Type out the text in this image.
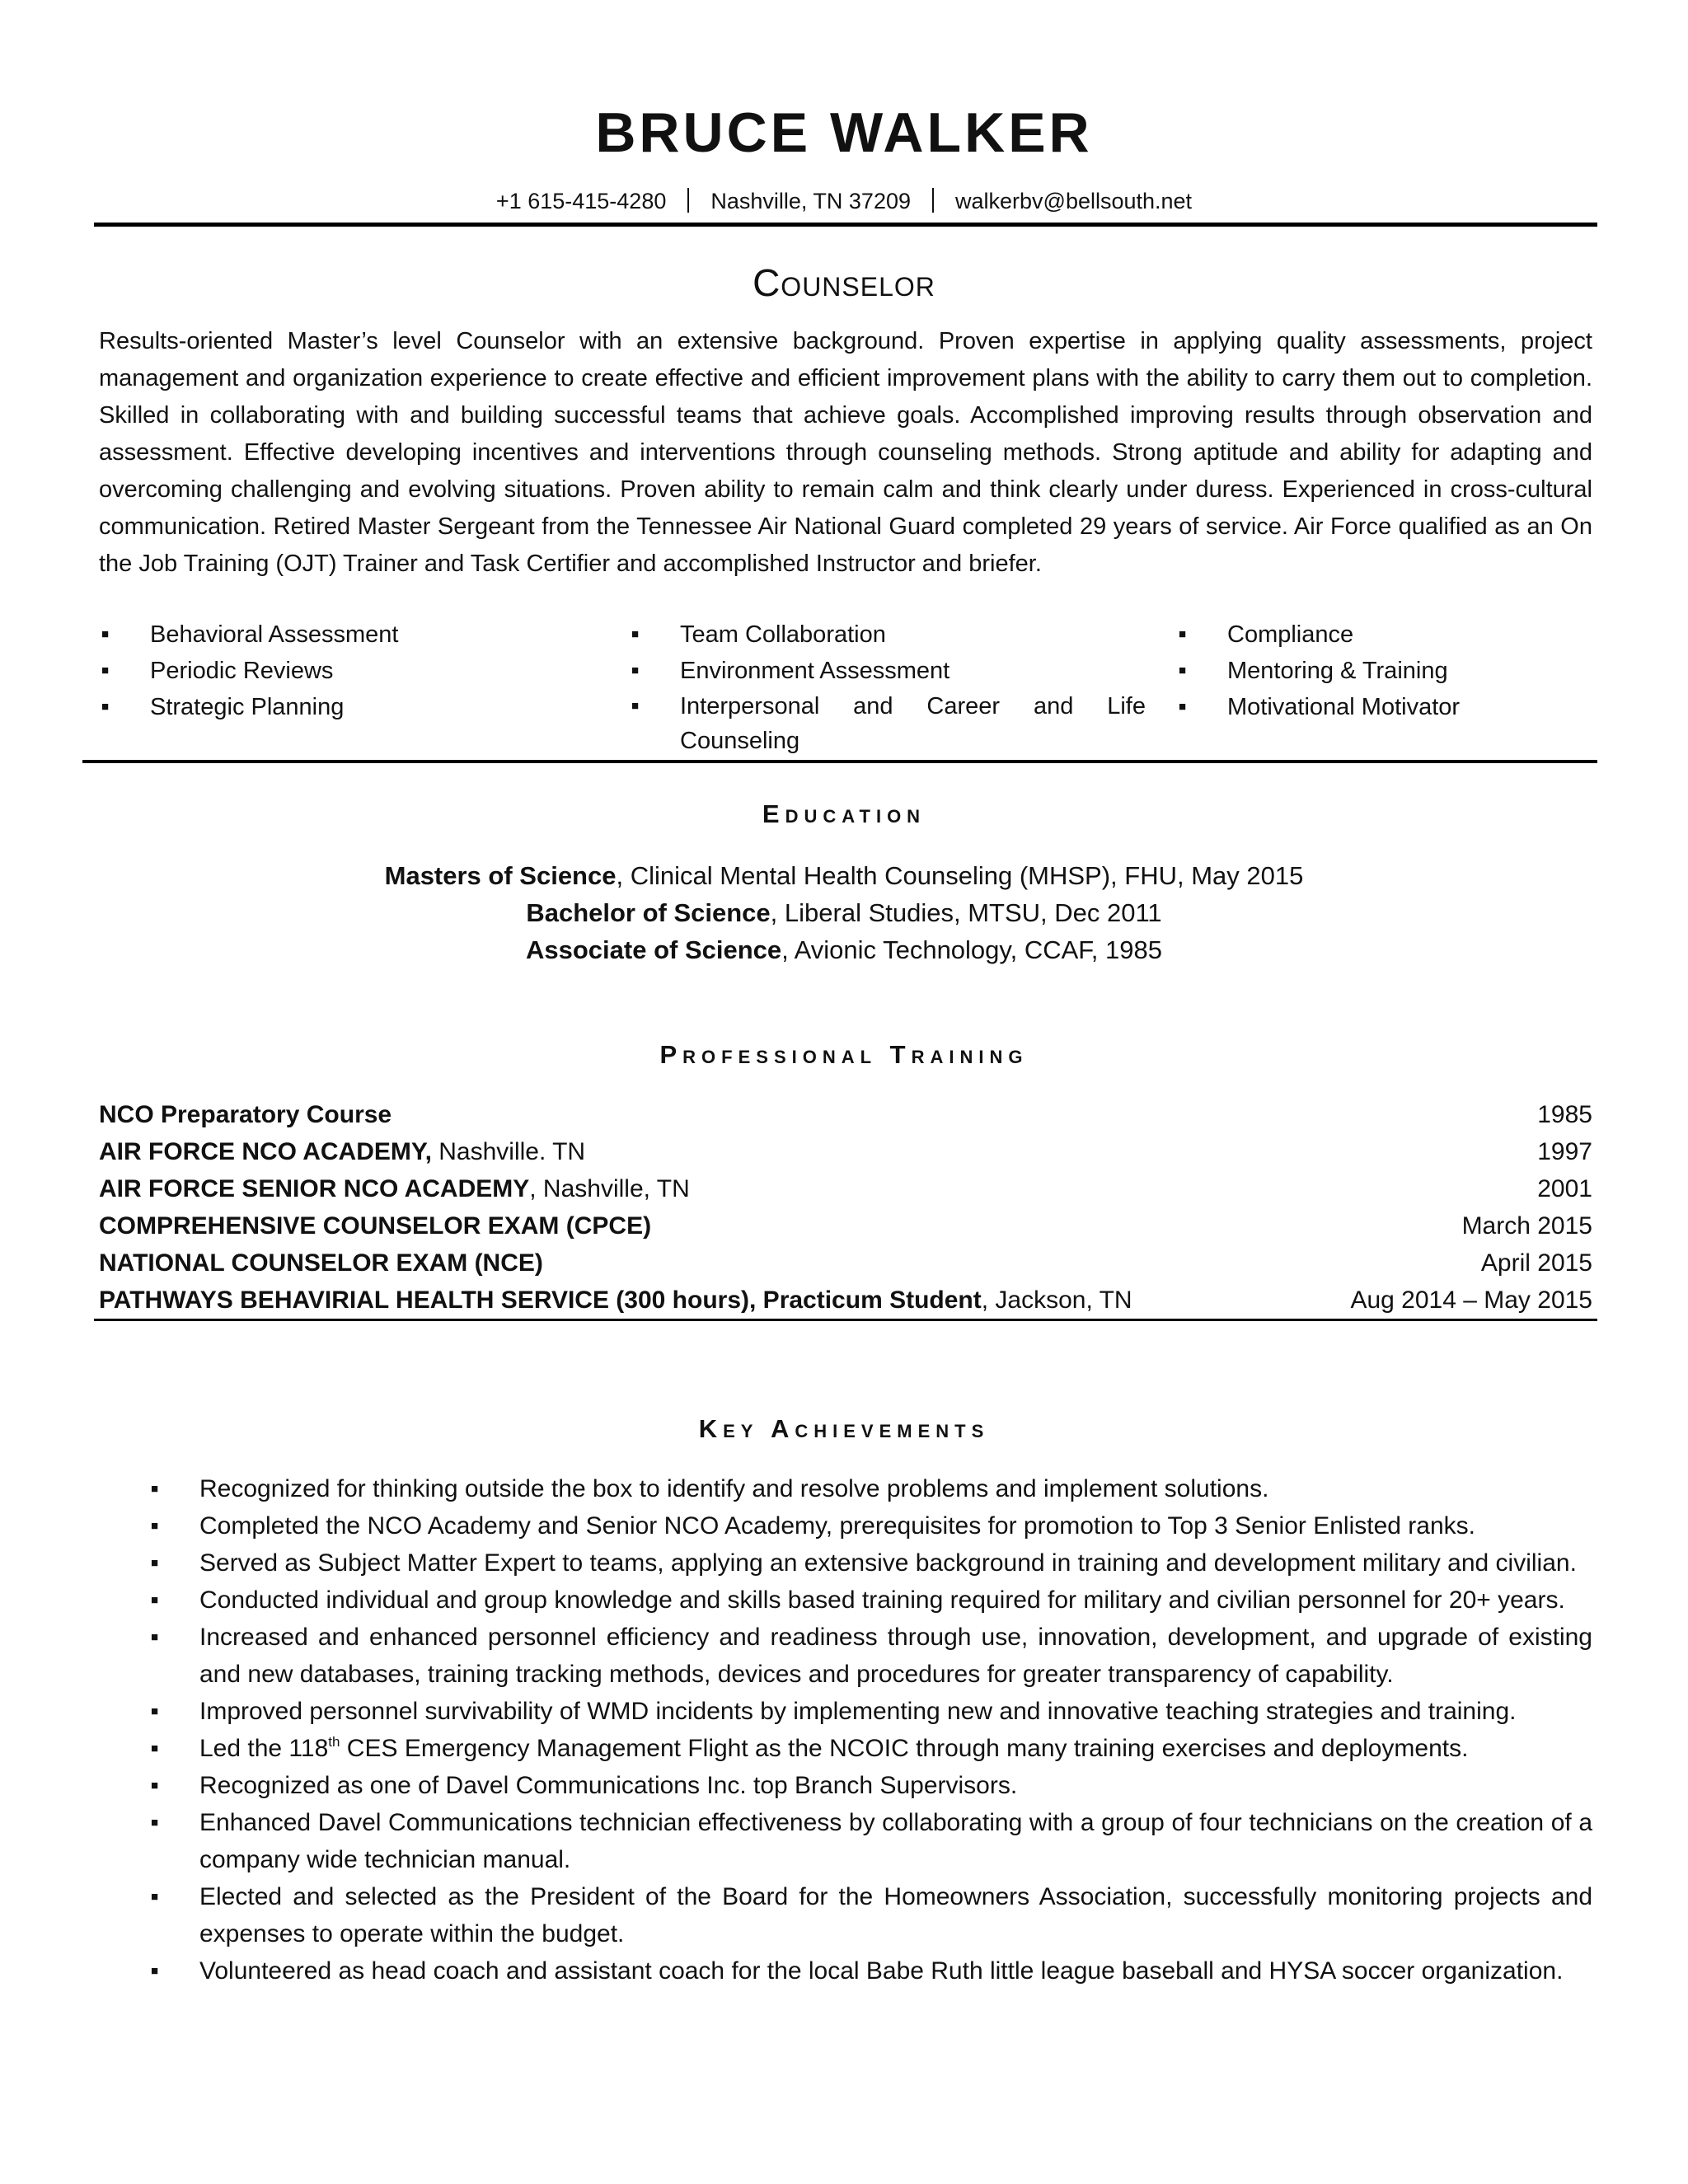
BRUCE WALKER
+1 615-415-4280 Nashville, TN 37209 walkerbv@bellsouth.net
Counselor
Results-oriented Master’s level Counselor with an extensive background. Proven expertise in applying quality assessments, project management and organization experience to create effective and efficient improvement plans with the ability to carry them out to completion. Skilled in collaborating with and building successful teams that achieve goals. Accomplished improving results through observation and assessment. Effective developing incentives and interventions through counseling methods. Strong aptitude and ability for adapting and overcoming challenging and evolving situations. Proven ability to remain calm and think clearly under duress. Experienced in cross-cultural communication. Retired Master Sergeant from the Tennessee Air National Guard completed 29 years of service. Air Force qualified as an On the Job Training (OJT) Trainer and Task Certifier and accomplished Instructor and briefer.
■ Behavioral Assessment
■ Periodic Reviews
■ Strategic Planning
■ Team Collaboration
■ Environment Assessment
■ Interpersonal and Career and Life Counseling
■ Compliance
■ Mentoring & Training
■ Motivational Motivator
Education
Masters of Science, Clinical Mental Health Counseling (MHSP), FHU, May 2015
Bachelor of Science, Liberal Studies, MTSU, Dec 2011
Associate of Science, Avionic Technology, CCAF, 1985
Professional Training
NCO Preparatory Course	1985
AIR FORCE NCO ACADEMY, Nashville. TN	1997
AIR FORCE SENIOR NCO ACADEMY, Nashville, TN	2001
COMPREHENSIVE COUNSELOR EXAM (CPCE)	March 2015
NATIONAL COUNSELOR EXAM (NCE)	April 2015
PATHWAYS BEHAVIRIAL HEALTH SERVICE (300 hours), Practicum Student, Jackson, TN	Aug 2014 – May 2015
Key Achievements
■ Recognized for thinking outside the box to identify and resolve problems and implement solutions.
■ Completed the NCO Academy and Senior NCO Academy, prerequisites for promotion to Top 3 Senior Enlisted ranks.
■ Served as Subject Matter Expert to teams, applying an extensive background in training and development military and civilian.
■ Conducted individual and group knowledge and skills based training required for military and civilian personnel for 20+ years.
■ Increased and enhanced personnel efficiency and readiness through use, innovation, development, and upgrade of existing and new databases, training tracking methods, devices and procedures for greater transparency of capability.
■ Improved personnel survivability of WMD incidents by implementing new and innovative teaching strategies and training.
■ Led the 118th CES Emergency Management Flight as the NCOIC through many training exercises and deployments.
■ Recognized as one of Davel Communications Inc. top Branch Supervisors.
■ Enhanced Davel Communications technician effectiveness by collaborating with a group of four technicians on the creation of a company wide technician manual.
■ Elected and selected as the President of the Board for the Homeowners Association, successfully monitoring projects and expenses to operate within the budget.
■ Volunteered as head coach and assistant coach for the local Babe Ruth little league baseball and HYSA soccer organization.
